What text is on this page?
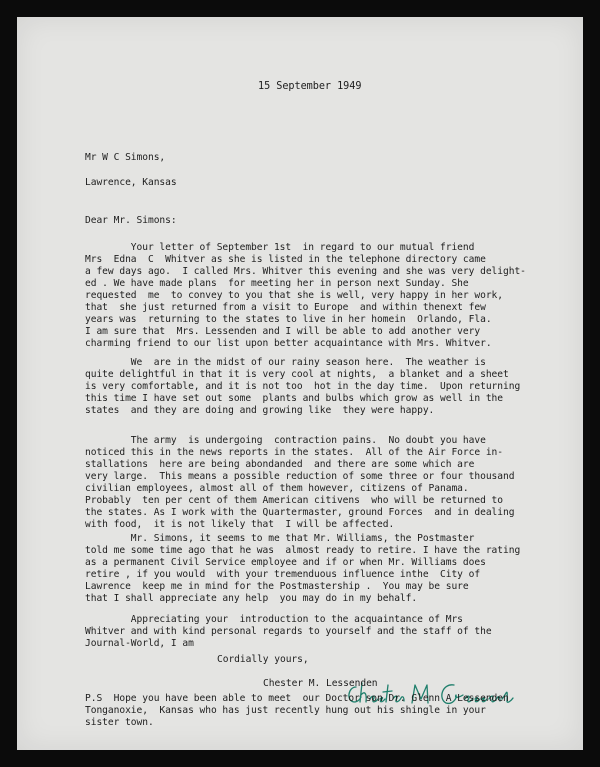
15 September 1949
Mr W C Simons,
Lawrence, Kansas
Dear Mr. Simons:
Your letter of September 1st  in regard to our mutual friend
Mrs  Edna  C  Whitver as she is listed in the telephone directory came
a few days ago.  I called Mrs. Whitver this evening and she was very delight-
ed . We have made plans  for meeting her in person next Sunday. She
requested  me  to convey to you that she is well, very happy in her work,
that  she just returned from a visit to Europe  and within thenext few
years was  returning to the states to live in her homein  Orlando, Fla.
I am sure that  Mrs. Lessenden and I will be able to add another very
charming friend to our list upon better acquaintance with Mrs. Whitver.
We  are in the midst of our rainy season here.  The weather is
quite delightful in that it is very cool at nights,  a blanket and a sheet
is very comfortable, and it is not too  hot in the day time.  Upon returning
this time I have set out some  plants and bulbs which grow as well in the
states  and they are doing and growing like  they were happy.
The army  is undergoing  contraction pains.  No doubt you have
noticed this in the news reports in the states.  All of the Air Force in-
stallations  here are being abondanded  and there are some which are
very large.  This means a possible reduction of some three or four thousand
civilian employees, almost all of them however, citizens of Panama.
Probably  ten per cent of them American citivens  who will be returned to
the states. As I work with the Quartermaster, ground Forces  and in dealing
with food,  it is not likely that  I will be affected.
Mr. Simons, it seems to me that Mr. Williams, the Postmaster
told me some time ago that he was  almost ready to retire. I have the rating
as a permanent Civil Service employee and if or when Mr. Williams does
retire , if you would  with your tremenduous influence inthe  City of
Lawrence  keep me in mind for the Postmastership .  You may be sure
that I shall appreciate any help  you may do in my behalf.
Appreciating your  introduction to the acquaintance of Mrs
Whitver and with kind personal regards to yourself and the staff of the
Journal-World, I am
Cordially yours,
Chester M. Lessenden
P.S  Hope you have been able to meet  our Doctor son Dr. Glenn A Lessenden
Tonganoxie,  Kansas who has just recently hung out his shingle in your
sister town.
